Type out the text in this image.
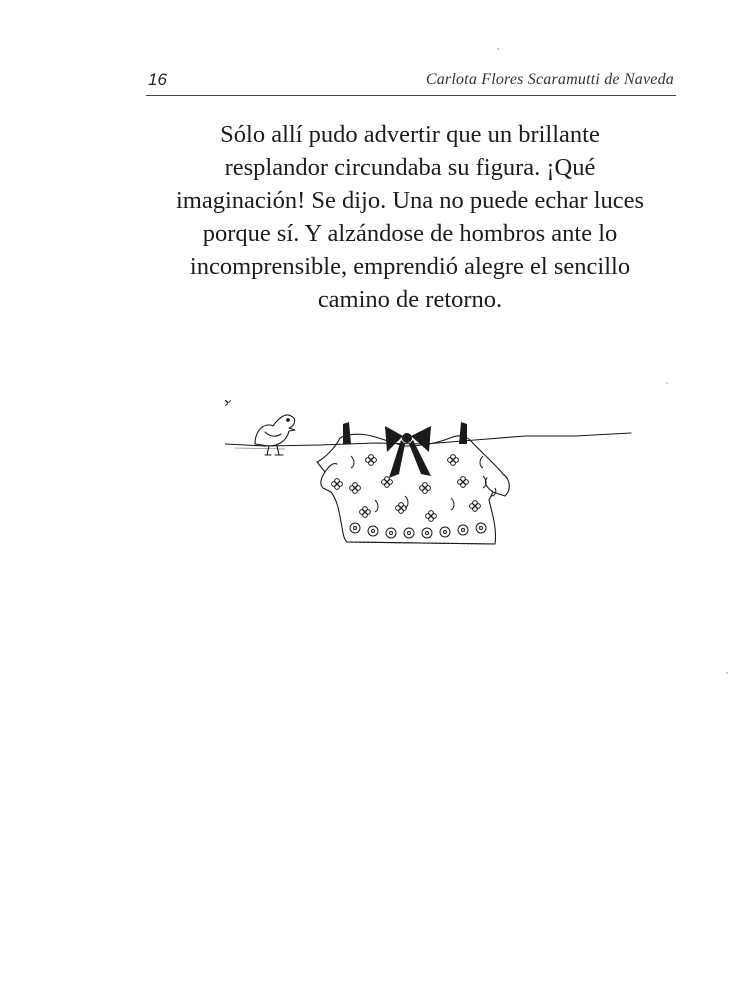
16	Carlota Flores Scaramutti de Naveda

Sólo allí pudo advertir que un brillante

resplandor circundaba su figura. ¡Qué

imaginación! Se dijo. Una no puede echar luces

porque sí. Y alzándose de hombros ante lo

incomprensible, emprendió alegre el sencillo

camino de retorno.
